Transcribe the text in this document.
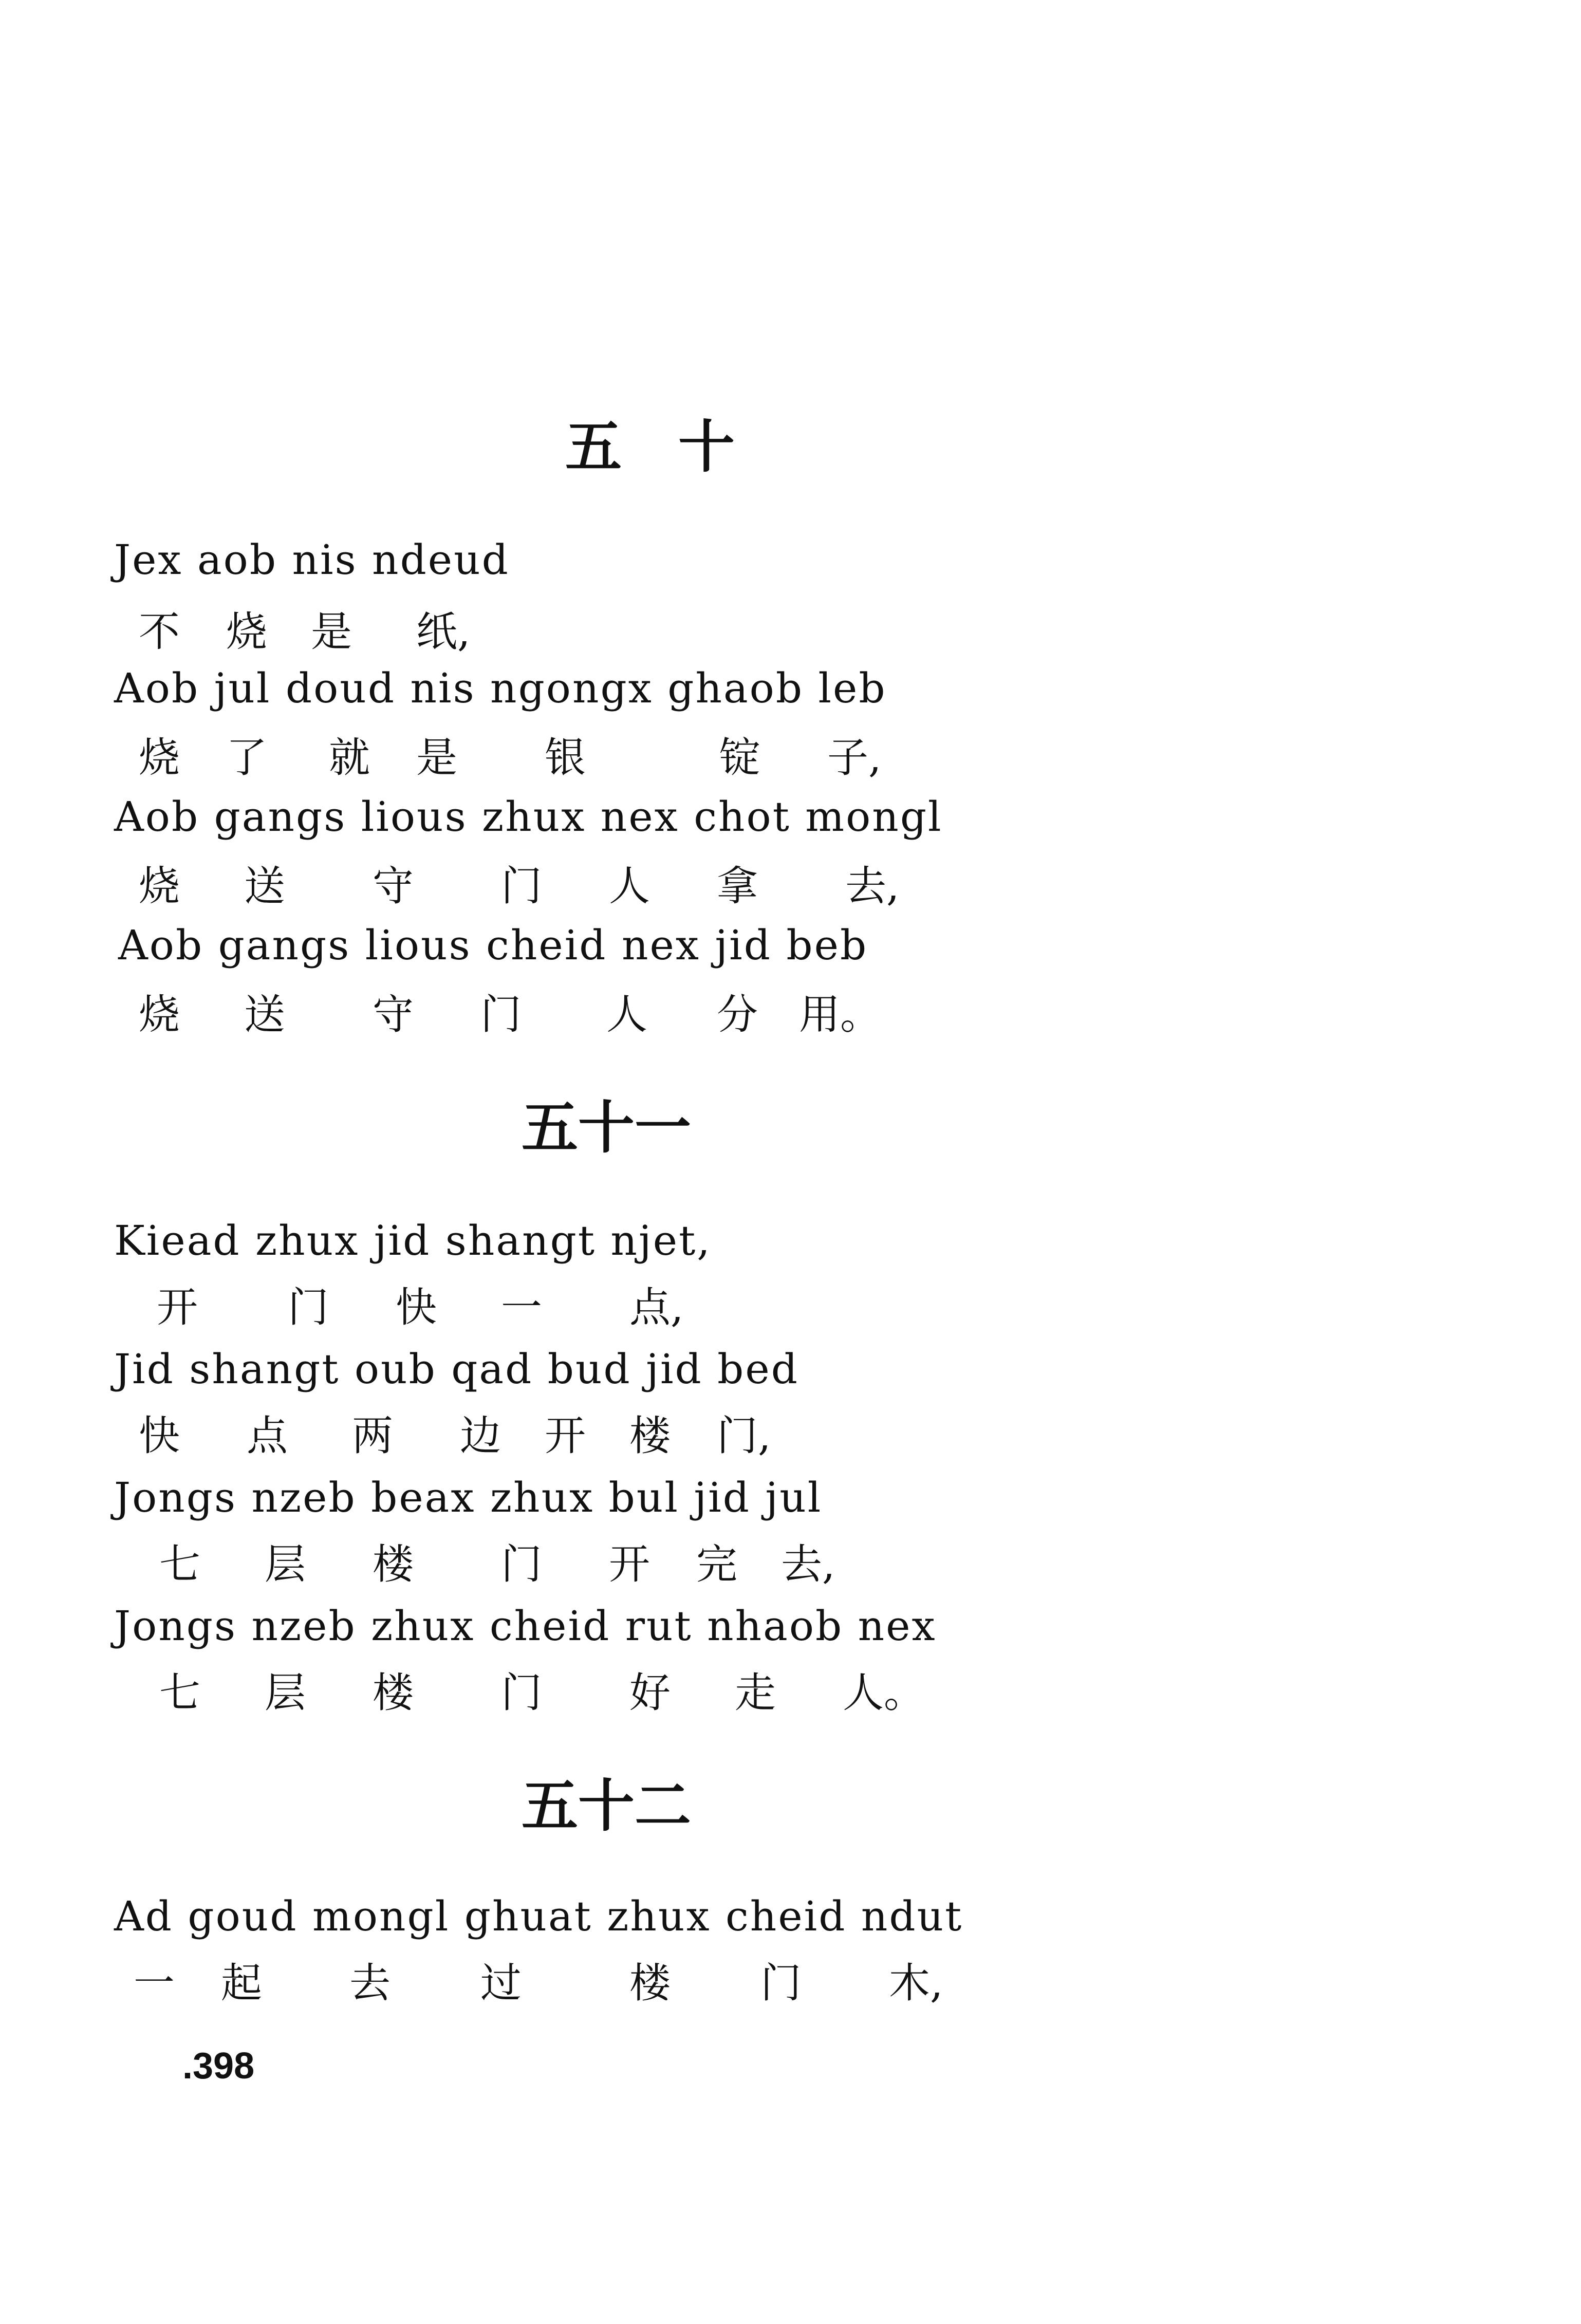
五　十
Jex aob nis ndeud
不 烧 是 纸,
Aob jul doud nis ngongx ghaob leb
烧 了 就 是 银	锭 子,
Aob gangs lious zhux nex chot mongl
烧 送 守 门 人 拿 去,
Aob gangs lious cheid nex jid beb
烧 送 守 门 人 分 用。
五十一
Kiead zhux jid shangt njet,
开 门 快 一 点,
Jid shangt oub qad bud jid bed
快 点 两 边 开 楼 门,
Jongs nzeb beax zhux bul jid jul
七 层 楼 门 开 完 去,
Jongs nzeb zhux cheid rut nhaob nex
七 层 楼 门 好 走 人。
五十二
Ad goud mongl ghuat zhux cheid ndut
一 起 去 过	楼 门 木,
.398
